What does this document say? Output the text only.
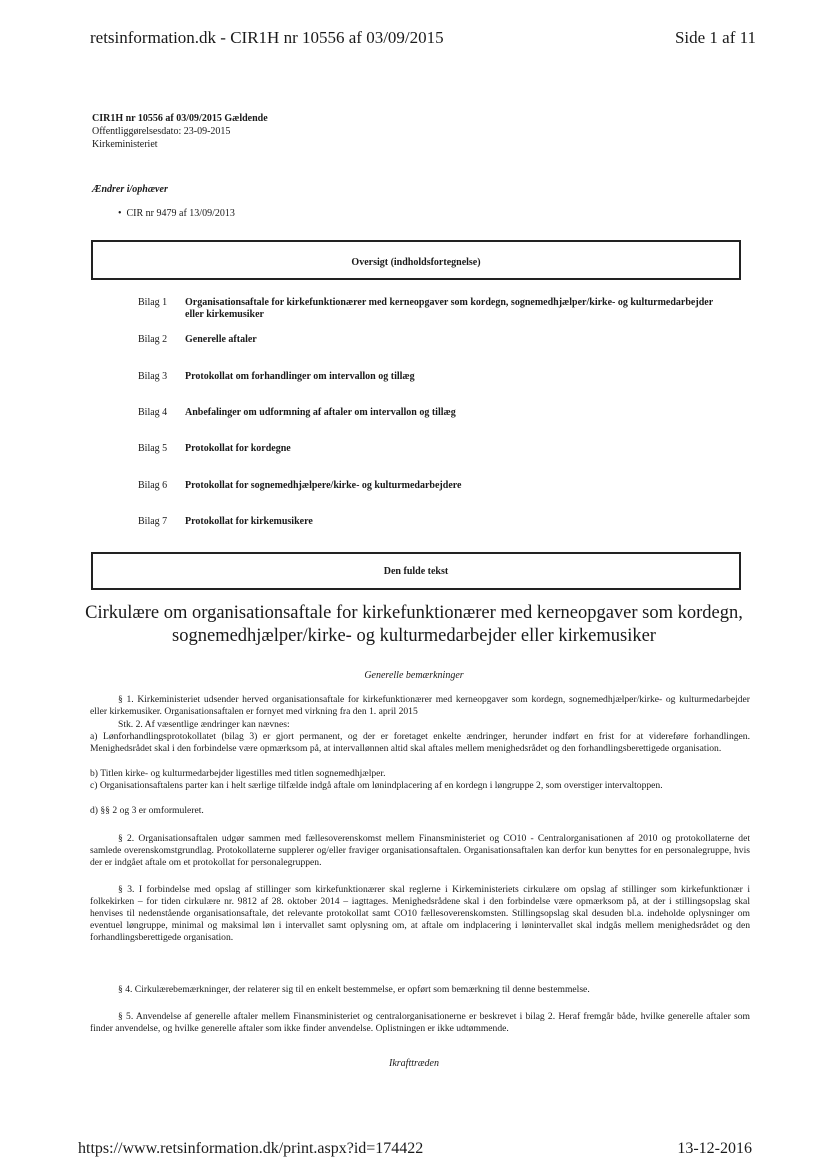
retsinformation.dk - CIR1H nr 10556 af 03/09/2015	Side 1 af 11
CIR1H nr 10556 af 03/09/2015 Gældende
Offentliggørelsesdato: 23-09-2015
Kirkeministeriet
Ændrer i/ophæver
•  CIR nr 9479 af 13/09/2013
Oversigt (indholdsfortegnelse)
Bilag 1	Organisationsaftale for kirkefunktionærer med kerneopgaver som kordegn, sognemedhjælper/kirke- og kulturmedarbejder eller kirkemusiker
Bilag 2	Generelle aftaler
Bilag 3	Protokollat om forhandlinger om intervallon og tillæg
Bilag 4	Anbefalinger om udformning af aftaler om intervallon og tillæg
Bilag 5	Protokollat for kordegne
Bilag 6	Protokollat for sognemedhjælpere/kirke- og kulturmedarbejdere
Bilag 7	Protokollat for kirkemusikere
Den fulde tekst
Cirkulære om organisationsaftale for kirkefunktionærer med kerneopgaver som kordegn, sognemedhjælper/kirke- og kulturmedarbejder eller kirkemusiker
Generelle bemærkninger
§ 1. Kirkeministeriet udsender herved organisationsaftale for kirkefunktionærer med kerneopgaver som kordegn, sognemedhjælper/kirke- og kulturmedarbejder eller kirkemusiker. Organisationsaftalen er fornyet med virkning fra den 1. april 2015
Stk. 2. Af væsentlige ændringer kan nævnes:
a) Lønforhandlingsprotokollatet (bilag 3) er gjort permanent, og der er foretaget enkelte ændringer, herunder indført en frist for at videreføre forhandlingen. Menighedsrådet skal i den forbindelse være opmærksom på, at intervallønnen altid skal aftales mellem menighedsrådet og den forhandlingsberettigede organisation.
b) Titlen kirke- og kulturmedarbejder ligestilles med titlen sognemedhjælper.
c) Organisationsaftalens parter kan i helt særlige tilfælde indgå aftale om lønindplacering af en kordegn i løngruppe 2, som overstiger intervaltoppen.
d) §§ 2 og 3 er omformuleret.
§ 2. Organisationsaftalen udgør sammen med fællesoverenskomst mellem Finansministeriet og CO10 - Centralorganisationen af 2010 og protokollaterne det samlede overenskomstgrundlag. Protokollaterne supplerer og/eller fraviger organisationsaftalen. Organisationsaftalen kan derfor kun benyttes for en personalegruppe, hvis der er indgået aftale om et protokollat for personalegruppen.
§ 3. I forbindelse med opslag af stillinger som kirkefunktionærer skal reglerne i Kirkeministeriets cirkulære om opslag af stillinger som kirkefunktionær i folkekirken – for tiden cirkulære nr. 9812 af 28. oktober 2014 – iagttages. Menighedsrådene skal i den forbindelse være opmærksom på, at der i stillingsopslag skal henvises til nedenstående organisationsaftale, det relevante protokollat samt CO10 fællesoverenskomsten. Stillingsopslag skal desuden bl.a. indeholde oplysninger om eventuel løngruppe, minimal og maksimal løn i intervallet samt oplysning om, at aftale om indplacering i lønintervallet skal indgås mellem menighedsrådet og den forhandlingsberettigede organisation.
§ 4. Cirkulærebemærkninger, der relaterer sig til en enkelt bestemmelse, er opført som bemærkning til denne bestemmelse.
§ 5. Anvendelse af generelle aftaler mellem Finansministeriet og centralorganisationerne er beskrevet i bilag 2. Heraf fremgår både, hvilke generelle aftaler som finder anvendelse, og hvilke generelle aftaler som ikke finder anvendelse. Oplistningen er ikke udtømmende.
Ikrafttræden
https://www.retsinformation.dk/print.aspx?id=174422	13-12-2016
